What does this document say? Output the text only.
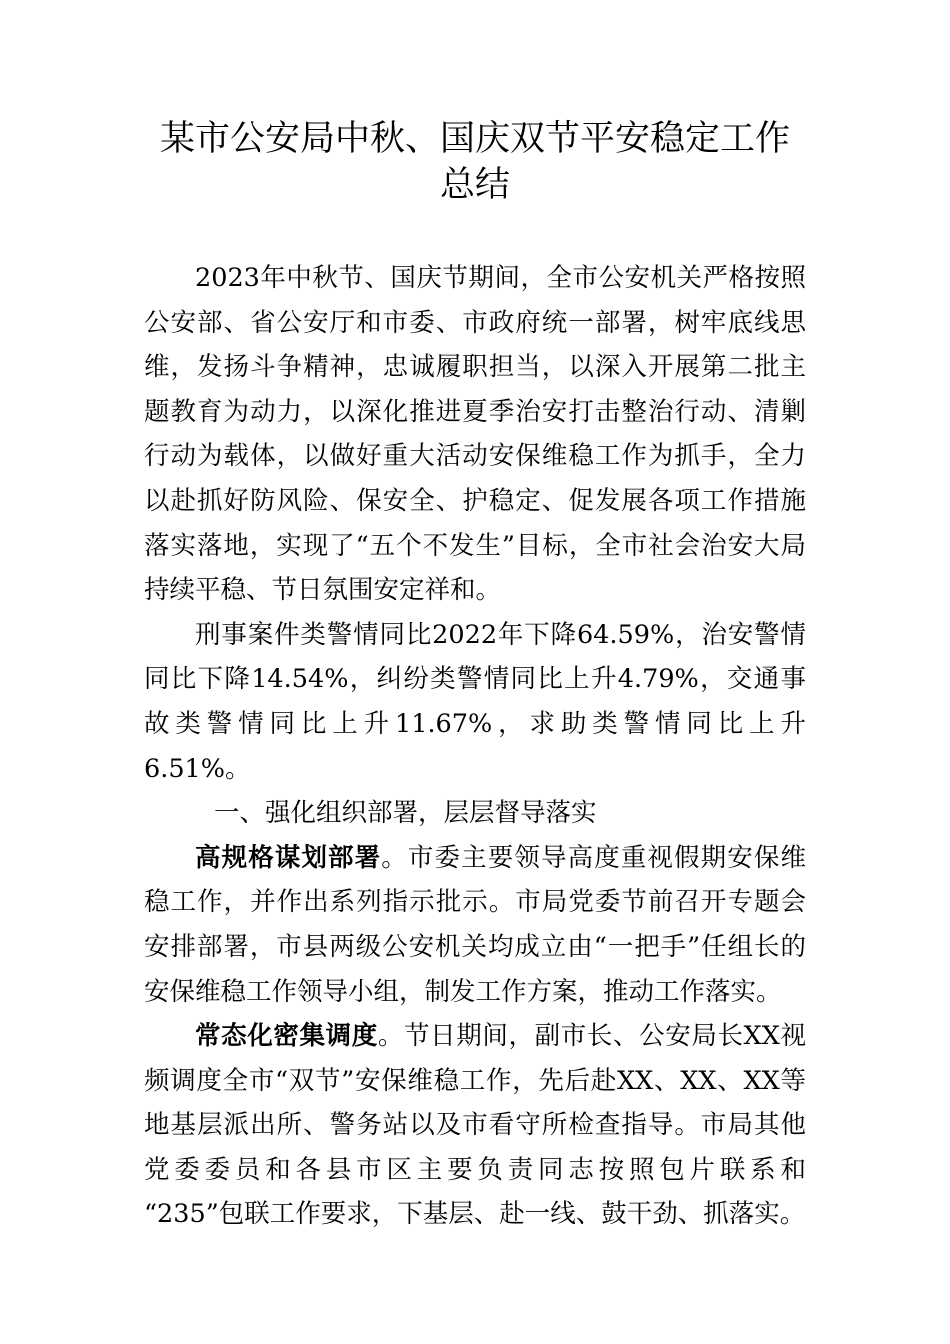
某市公安局中秋、国庆双节平安稳定工作
总结

2023年中秋节、国庆节期间，全市公安机关严格按照公安部、省公安厅和市委、市政府统一部署，树牢底线思维，发扬斗争精神，忠诚履职担当，以深入开展第二批主题教育为动力，以深化推进夏季治安打击整治行动、清剿行动为载体，以做好重大活动安保维稳工作为抓手，全力以赴抓好防风险、保安全、护稳定、促发展各项工作措施落实落地，实现了“五个不发生”目标，全市社会治安大局持续平稳、节日氛围安定祥和。

刑事案件类警情同比2022年下降64.59%，治安警情同比下降14.54%，纠纷类警情同比上升4.79%，交通事故类警情同比上升11.67%，求助类警情同比上升6.51%。

一、强化组织部署，层层督导落实

高规格谋划部署。市委主要领导高度重视假期安保维稳工作，并作出系列指示批示。市局党委节前召开专题会安排部署，市县两级公安机关均成立由“一把手”任组长的安保维稳工作领导小组，制发工作方案，推动工作落实。

常态化密集调度。节日期间，副市长、公安局长XX视频调度全市“双节”安保维稳工作，先后赴XX、XX、XX等地基层派出所、警务站以及市看守所检查指导。市局其他党委委员和各县市区主要负责同志按照包片联系和 “235”包联工作要求，下基层、赴一线、鼓干劲、抓落实。
